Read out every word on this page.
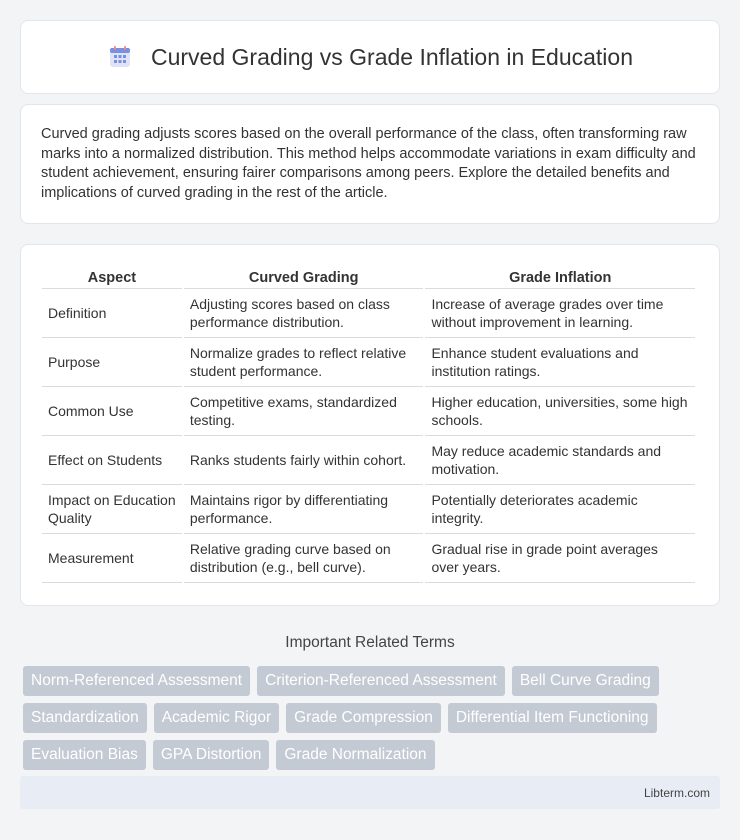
Curved Grading vs Grade Inflation in Education

Curved grading adjusts scores based on the overall performance of the class, often transforming raw marks into a normalized distribution. This method helps accommodate variations in exam difficulty and student achievement, ensuring fairer comparisons among peers. Explore the detailed benefits and implications of curved grading in the rest of the article.

Aspect	Curved Grading	Grade Inflation
Definition	Adjusting scores based on class performance distribution.	Increase of average grades over time without improvement in learning.
Purpose	Normalize grades to reflect relative student performance.	Enhance student evaluations and institution ratings.
Common Use	Competitive exams, standardized testing.	Higher education, universities, some high schools.
Effect on Students	Ranks students fairly within cohort.	May reduce academic standards and motivation.
Impact on Education Quality	Maintains rigor by differentiating performance.	Potentially deteriorates academic integrity.
Measurement	Relative grading curve based on distribution (e.g., bell curve).	Gradual rise in grade point averages over years.
Important Related Terms
Norm-Referenced Assessment	Criterion-Referenced Assessment	Bell Curve Grading
Standardization	Academic Rigor	Grade Compression	Differential Item Functioning
Evaluation Bias	GPA Distortion	Grade Normalization
Libterm.com
